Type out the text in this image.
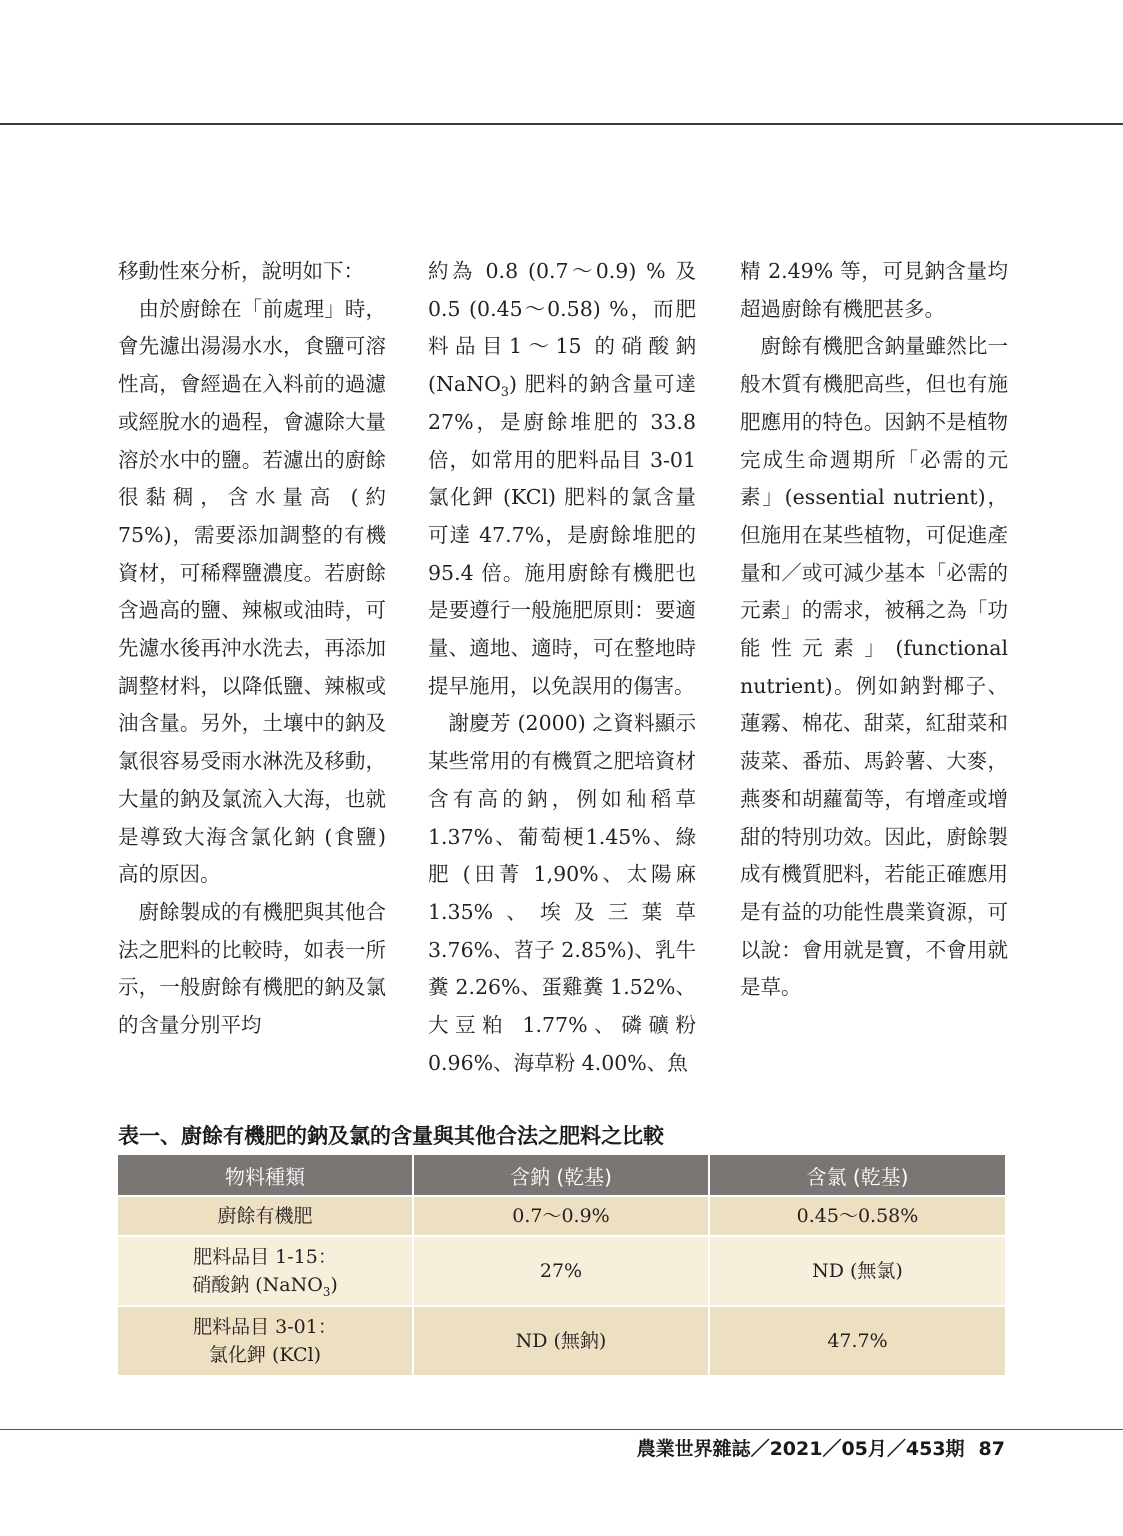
移動性來分析，說明如下：

由於廚餘在「前處理」時，會先濾出湯湯水水，食鹽可溶性高，會經過在入料前的過濾或經脫水的過程，會濾除大量溶於水中的鹽。若濾出的廚餘很黏稠，含水量高 (約75%)，需要添加調整的有機資材，可稀釋鹽濃度。若廚餘含過高的鹽、辣椒或油時，可先濾水後再沖水洗去，再添加調整材料，以降低鹽、辣椒或油含量。另外，土壤中的鈉及氯很容易受雨水淋洗及移動，大量的鈉及氯流入大海，也就是導致大海含氯化鈉 (食鹽) 高的原因。

廚餘製成的有機肥與其他合法之肥料的比較時，如表一所示，一般廚餘有機肥的鈉及氯的含量分別平均

約為 0.8 (0.7～0.9) % 及 0.5 (0.45～0.58) %，而肥料品目1～15 的硝酸鈉 (NaNO$_3$) 肥料的鈉含量可達 27%，是廚餘堆肥的 33.8 倍，如常用的肥料品目 3-01 氯化鉀 (KCl) 肥料的氯含量可達 47.7%，是廚餘堆肥的 95.4 倍。施用廚餘有機肥也是要遵行一般施肥原則：要適量、適地、適時，可在整地時提早施用，以免誤用的傷害。

謝慶芳 (2000) 之資料顯示某些常用的有機質之肥培資材含有高的鈉，例如秈稻草 1.37%、葡萄梗1.45%、綠肥 (田菁 1,90%、太陽麻 1.35%、埃及三葉草3.76%、苕子 2.85%)、乳牛糞 2.26%、蛋雞糞 1.52%、大豆粕 1.77%、磷礦粉0.96%、海草粉 4.00%、魚

精 2.49% 等，可見鈉含量均超過廚餘有機肥甚多。

廚餘有機肥含鈉量雖然比一般木質有機肥高些，但也有施肥應用的特色。因鈉不是植物完成生命週期所「必需的元素」(essential nutrient)，但施用在某些植物，可促進產量和／或可減少基本「必需的元素」的需求，被稱之為「功能性元素」(functional nutrient)。例如鈉對椰子、蓮霧、棉花、甜菜，紅甜菜和菠菜、番茄、馬鈴薯、大麥，燕麥和胡蘿蔔等，有增產或增甜的特別功效。因此，廚餘製成有機質肥料，若能正確應用是有益的功能性農業資源，可以說：會用就是寶，不會用就是草。

表一、廚餘有機肥的鈉及氯的含量與其他合法之肥料之比較
物料種類	含鈉 (乾基)	含氯 (乾基)
廚餘有機肥	0.7～0.9%	0.45～0.58%

肥料品目 1-15：
硝酸鈉 (NaNO$_3$)	27%	ND (無氯)

肥料品目 3-01：
氯化鉀 (KCl)	ND (無鈉)	47.7%
農業世界雜誌／2021／05月／453期 87
